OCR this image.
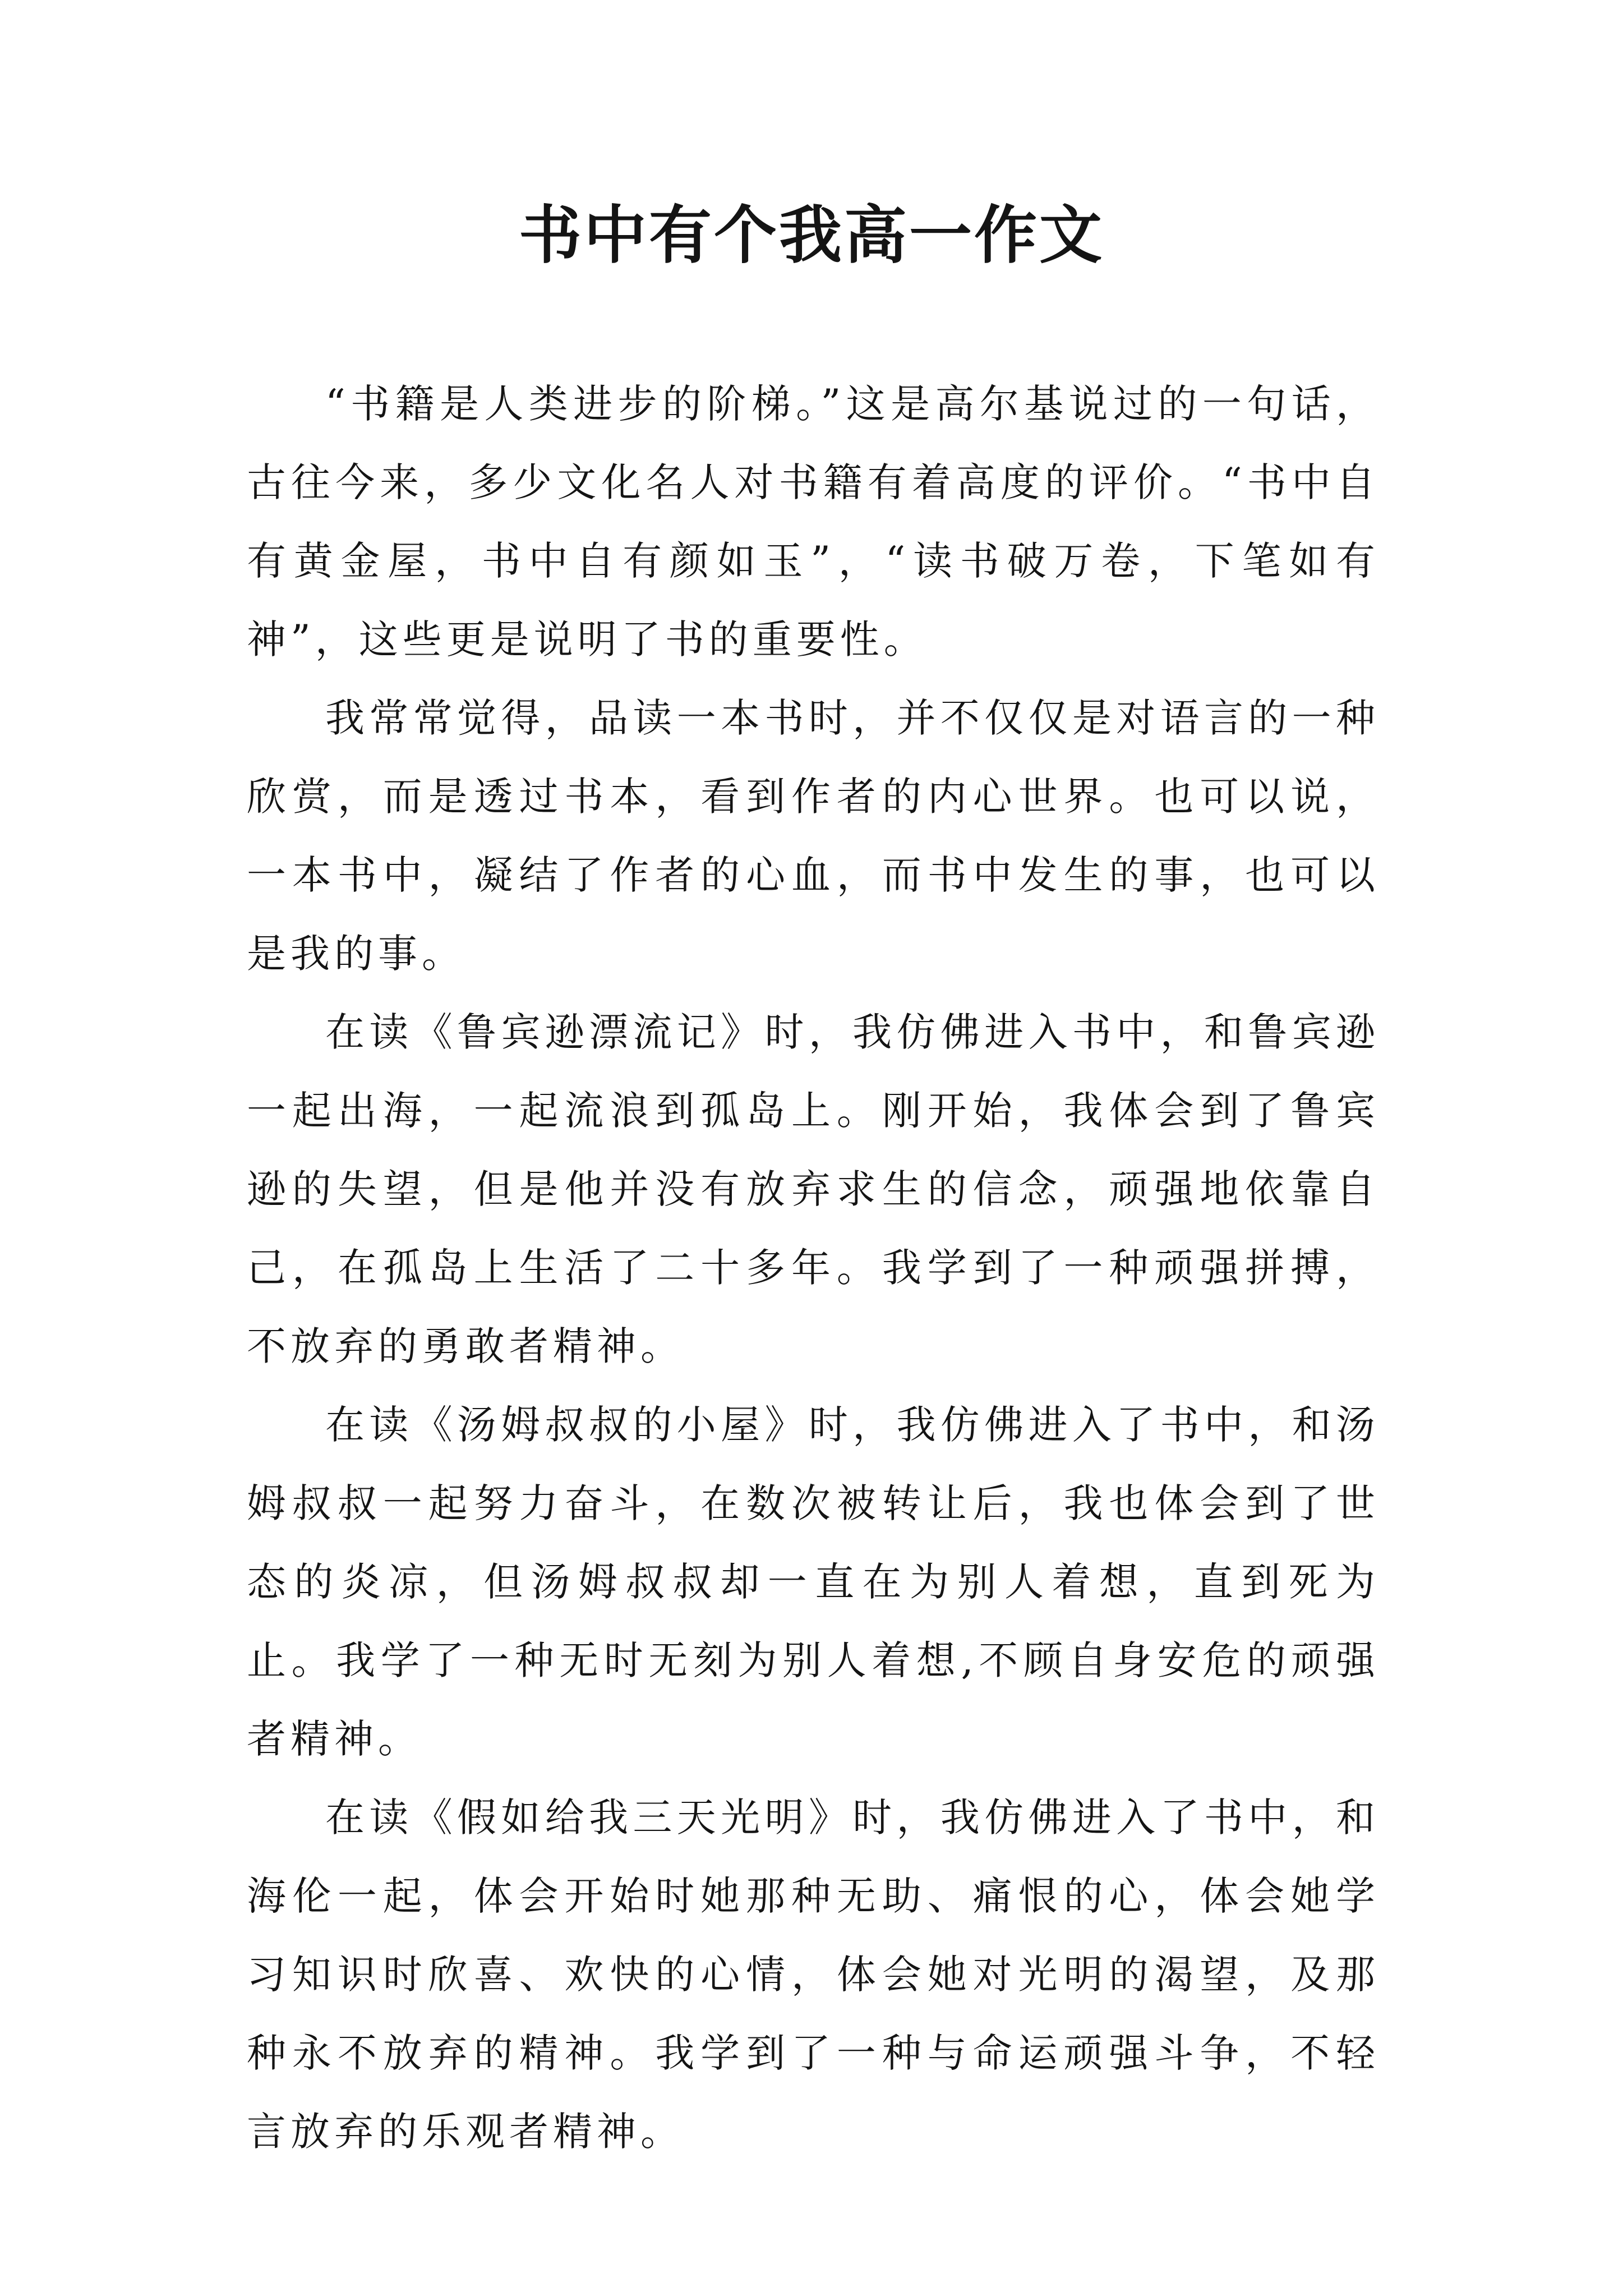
书中有个我高一作文

“书籍是人类进步的阶梯。”这是高尔基说过的一句话，古往今来，多少文化名人对书籍有着高度的评价。“书中自有黄金屋，书中自有颜如玉”，“读书破万卷，下笔如有神”，这些更是说明了书的重要性。

我常常觉得，品读一本书时，并不仅仅是对语言的一种欣赏，而是透过书本，看到作者的内心世界。也可以说，一本书中，凝结了作者的心血，而书中发生的事，也可以是我的事。

在读《鲁宾逊漂流记》时，我仿佛进入书中，和鲁宾逊一起出海，一起流浪到孤岛上。刚开始，我体会到了鲁宾逊的失望，但是他并没有放弃求生的信念，顽强地依靠自己，在孤岛上生活了二十多年。我学到了一种顽强拼搏，不放弃的勇敢者精神。

在读《汤姆叔叔的小屋》时，我仿佛进入了书中，和汤姆叔叔一起努力奋斗，在数次被转让后，我也体会到了世态的炎凉，但汤姆叔叔却一直在为别人着想，直到死为止。我学了一种无时无刻为别人着想,不顾自身安危的顽强者精神。

在读《假如给我三天光明》时，我仿佛进入了书中，和海伦一起，体会开始时她那种无助、痛恨的心，体会她学习知识时欣喜、欢快的心情，体会她对光明的渴望，及那种永不放弃的精神。我学到了一种与命运顽强斗争，不轻言放弃的乐观者精神。
